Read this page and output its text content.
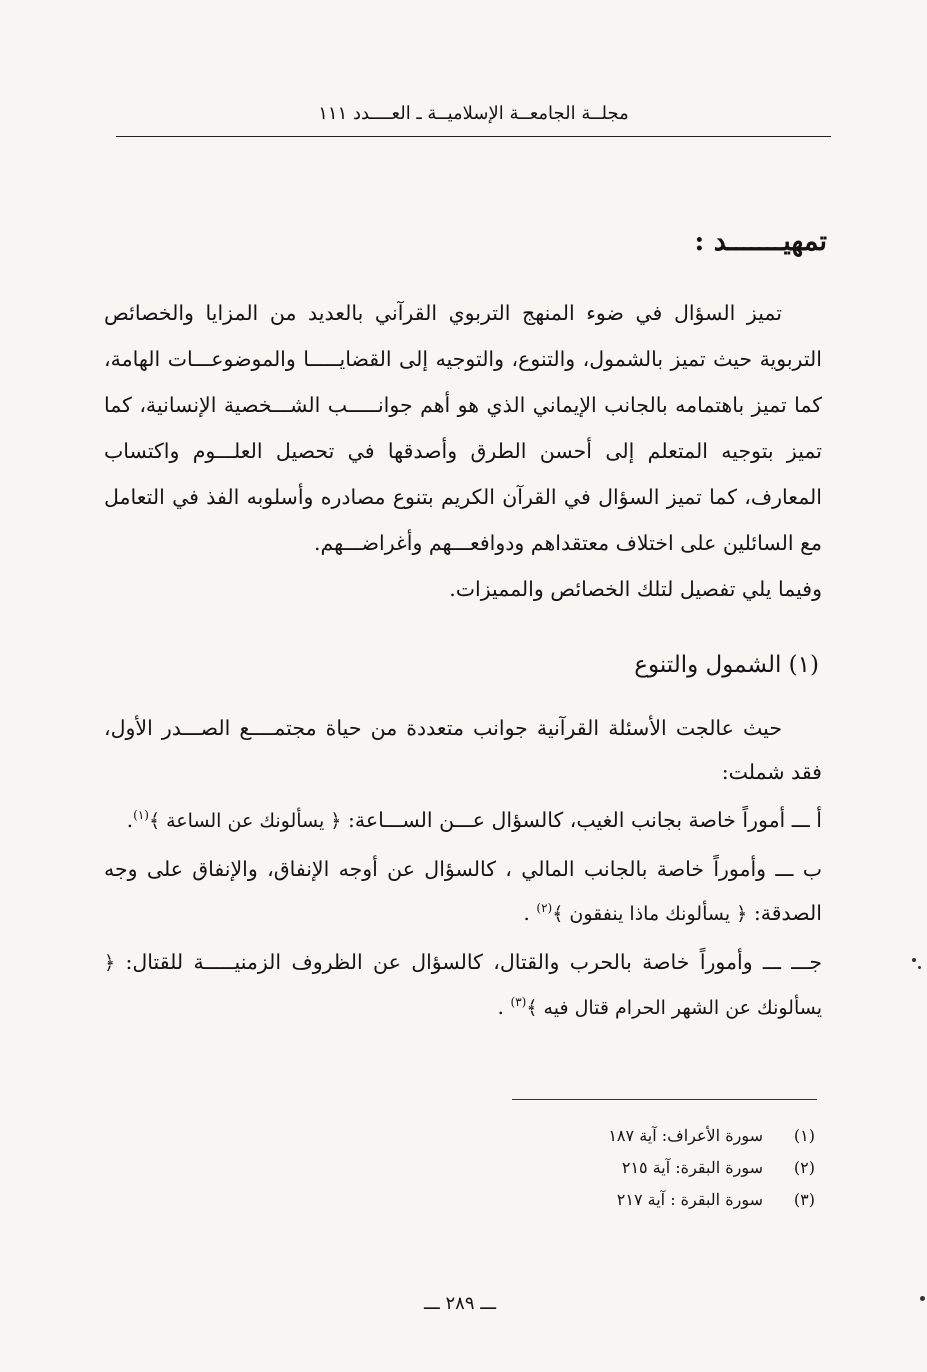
مجلــة الجامعــة الإسلاميــة ـ العــــدد ١١١
تمهيـــــــد :

تميز السؤال في ضوء المنهج التربوي القرآني بالعديد من المزايا والخصائص التربوية حيث تميز بالشمول، والتنوع، والتوجيه إلى القضايـــــا والموضوعـــات الهامة، كما تميز باهتمامه بالجانب الإيماني الذي هو أهم جوانـــــب الشـــخصية الإنسانية، كما تميز بتوجيه المتعلم إلى أحسن الطرق وأصدقها في تحصيل العلـــوم واكتساب المعارف، كما تميز السؤال في القرآن الكريم بتنوع مصادره وأسلوبه الفذ في التعامل مع السائلين على اختلاف معتقداهم ودوافعـــهم وأغراضـــهم.

وفيما يلي تفصيل لتلك الخصائص والمميزات.

(١) الشمول والتنوع

حيث عالجت الأسئلة القرآنية جوانب متعددة من حياة مجتمــــع الصـــدر الأول، فقد شملت:

أ ـــ أموراً خاصة بجانب الغيب، كالسؤال عـــن الســـاعة: ﴿ يسألونك عن الساعة ﴾$^{(١)}$.

ب ـــ وأموراً خاصة بالجانب المالي ، كالسؤال عن أوجه الإنفاق، والإنفاق على وجه الصدقة: ﴿ يسألونك ماذا ينفقون ﴾$^{(٢)}$ .

جـــ ـــ وأموراً خاصة بالحرب والقتال، كالسؤال عن الظروف الزمنيـــــة للقتال: ﴿ يسألونك عن الشهر الحرام قتال فيه ﴾$^{(٣)}$ .

(١)
سورة الأعراف: آية ١٨٧
(٢)
سورة البقرة: آية ٢١٥
(٣)
سورة البقرة : آية ٢١٧
ـــ ٢٨٩ ـــ
